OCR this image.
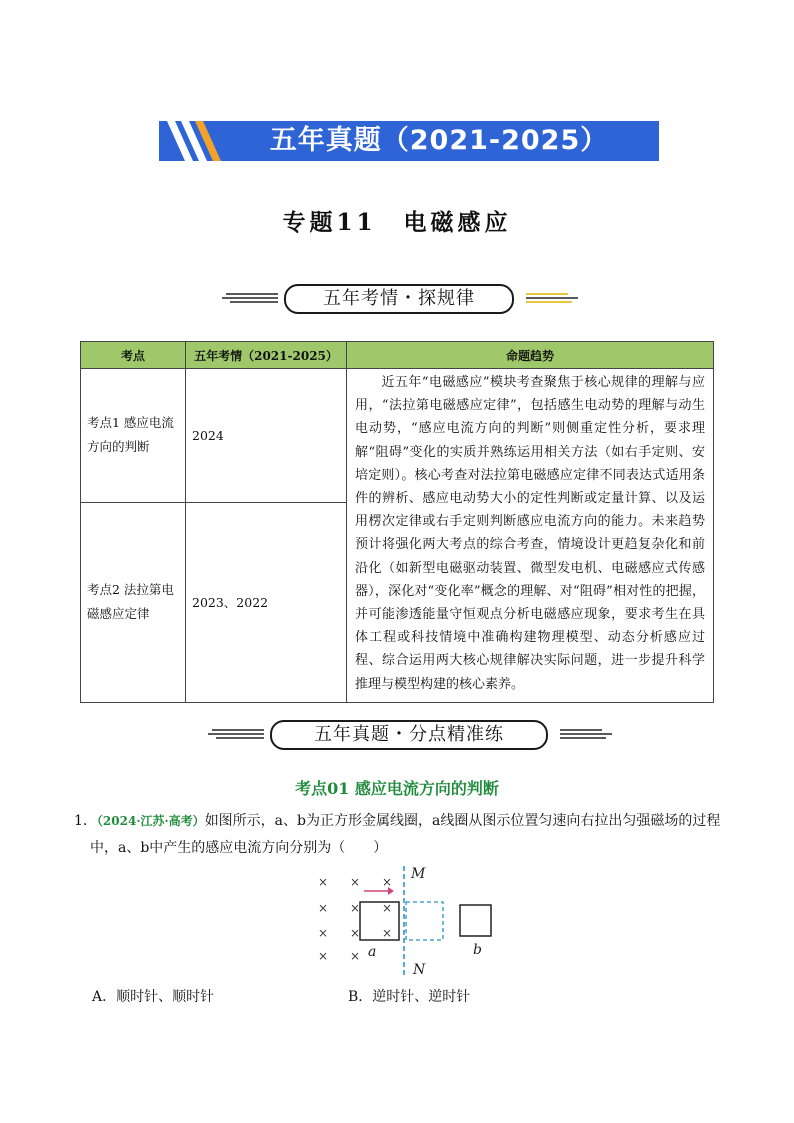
五年真题（2021-2025）
专题11　电磁感应
五年考情・探规律
考点	五年考情（2021-2025）	命题趋势
考点1 感应电流方向的判断	2024	近五年“电磁感应”模块考查聚焦于核心规律的理解与应用，“法拉第电磁感应定律”，包括感生电动势的理解与动生电动势，“感应电流方向的判断”则侧重定性分析，要求理解“阻碍”变化的实质并熟练运用相关方法（如右手定则、安培定则）。核心考查对法拉第电磁感应定律不同表达式适用条件的辨析、感应电动势大小的定性判断或定量计算、以及运用楞次定律或右手定则判断感应电流方向的能力。未来趋势预计将强化两大考点的综合考查，情境设计更趋复杂化和前沿化（如新型电磁驱动装置、微型发电机、电磁感应式传感器），深化对“变化率”概念的理解、对“阻碍”相对性的把握，并可能渗透能量守恒观点分析电磁感应现象，要求考生在具体工程或科技情境中准确构建物理模型、动态分析感应过程、综合运用两大核心规律解决实际问题，进一步提升科学推理与模型构建的核心素养。
考点2 法拉第电磁感应定律	2023、2022	
五年真题・分点精准练
考点01 感应电流方向的判断
1．（2024·江苏·高考）如图所示，a、b为正方形金属线圈，a线圈从图示位置匀速向右拉出匀强磁场的过程
中，a、b中产生的感应电流方向分别为（　　）
× × ×
× × ×
× × ×
× ×
M
N
a	b
A．顺时针、顺时针	B．逆时针、逆时针
